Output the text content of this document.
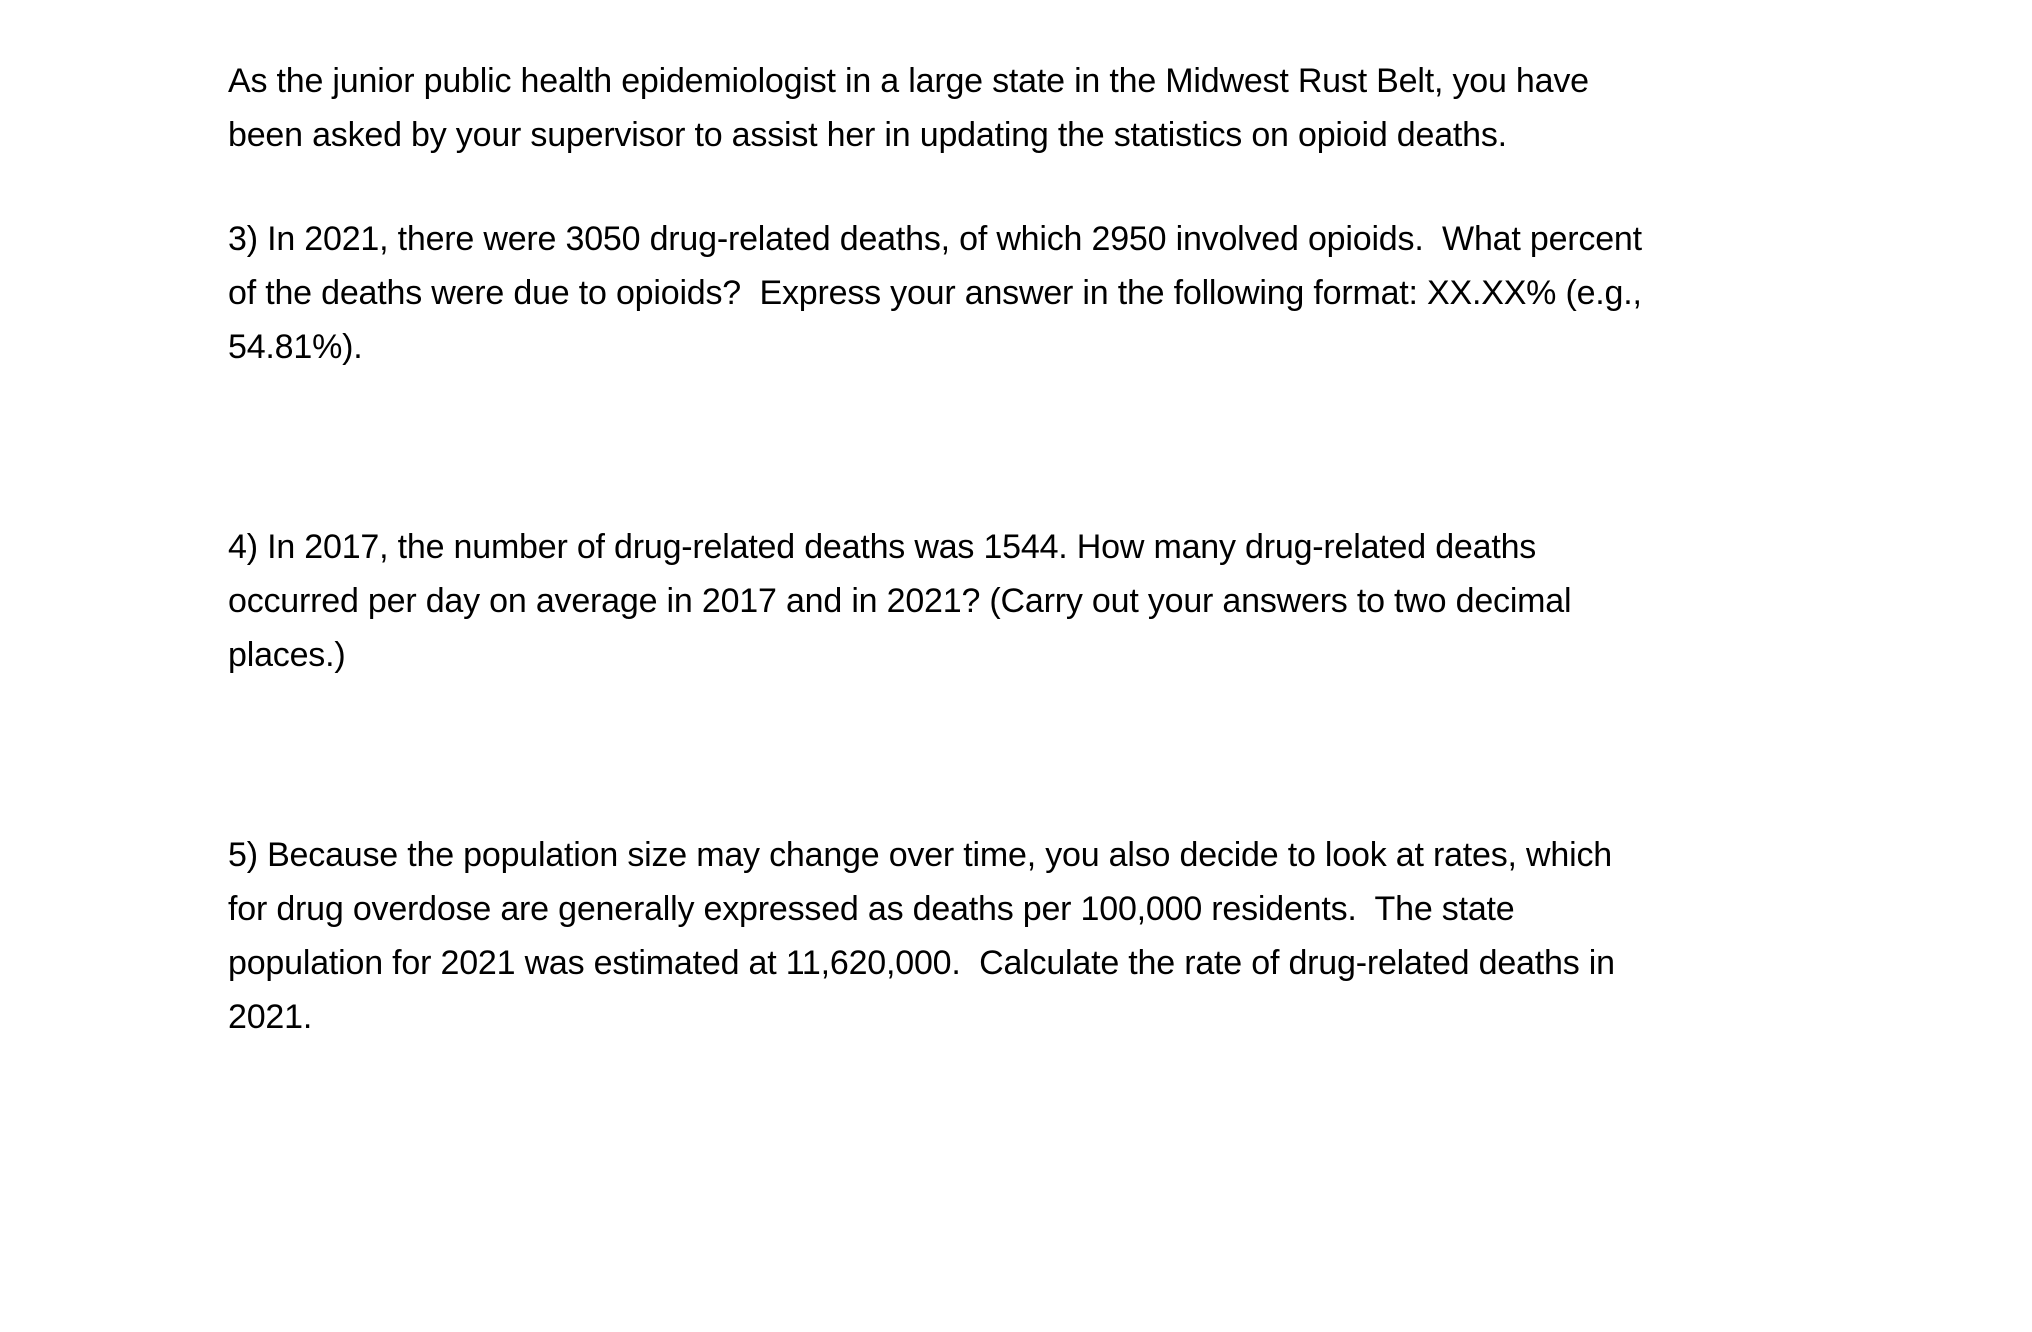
As the junior public health epidemiologist in a large state in the Midwest Rust Belt, you have
been asked by your supervisor to assist her in updating the statistics on opioid deaths.
3) In 2021, there were 3050 drug-related deaths, of which 2950 involved opioids.  What percent
of the deaths were due to opioids?  Express your answer in the following format: XX.XX% (e.g.,
54.81%).
4) In 2017, the number of drug-related deaths was 1544. How many drug-related deaths
occurred per day on average in 2017 and in 2021? (Carry out your answers to two decimal
places.)
5) Because the population size may change over time, you also decide to look at rates, which
for drug overdose are generally expressed as deaths per 100,000 residents.  The state
population for 2021 was estimated at 11,620,000.  Calculate the rate of drug-related deaths in
2021.
